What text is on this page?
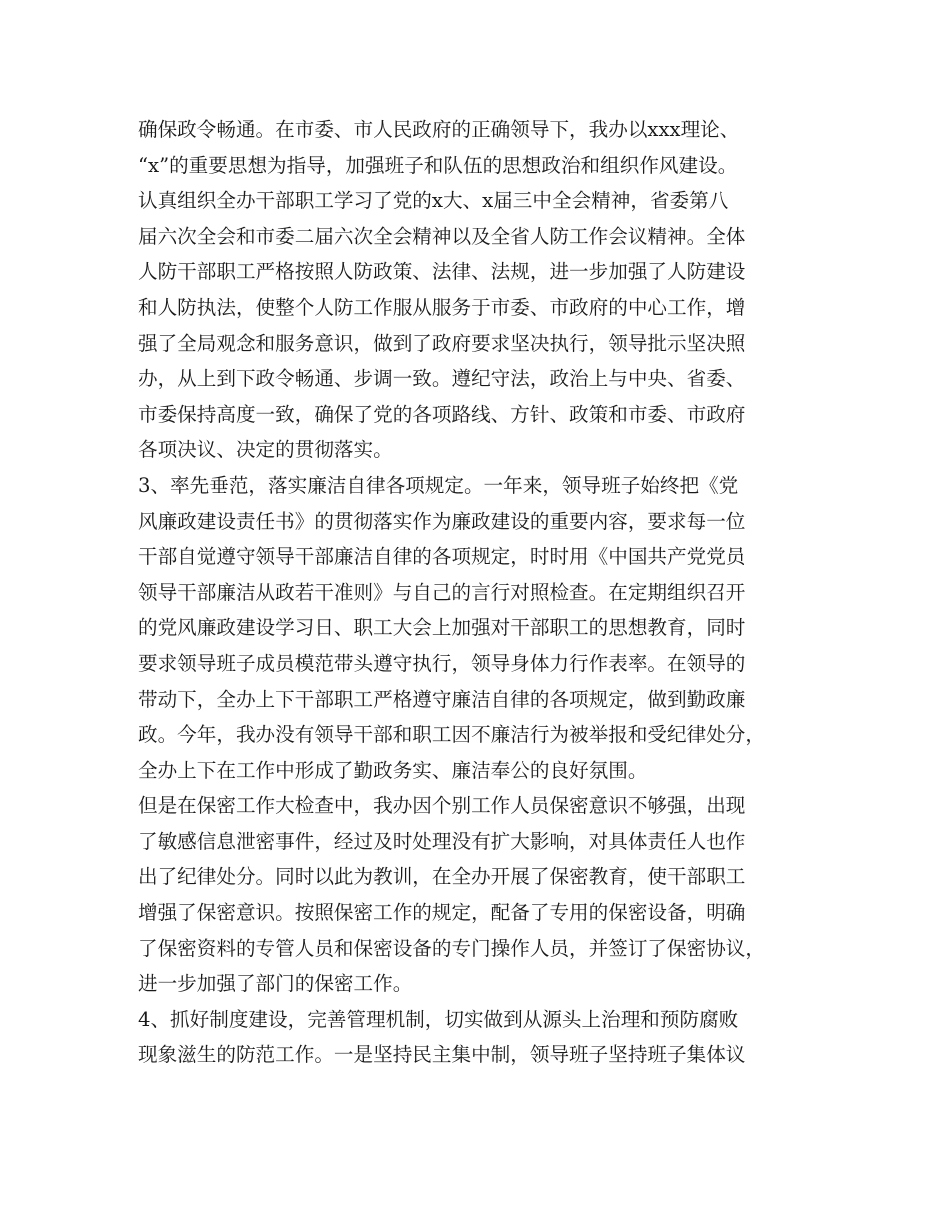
确保政令畅通。在市委、市人民政府的正确领导下，我办以xxx理论、
“x”的重要思想为指导，加强班子和队伍的思想政治和组织作风建设。
认真组织全办干部职工学习了党的x大、x届三中全会精神，省委第八
届六次全会和市委二届六次全会精神以及全省人防工作会议精神。全体
人防干部职工严格按照人防政策、法律、法规，进一步加强了人防建设
和人防执法，使整个人防工作服从服务于市委、市政府的中心工作，增
强了全局观念和服务意识，做到了政府要求坚决执行，领导批示坚决照
办，从上到下政令畅通、步调一致。遵纪守法，政治上与中央、省委、
市委保持高度一致，确保了党的各项路线、方针、政策和市委、市政府
各项决议、决定的贯彻落实。
3、率先垂范，落实廉洁自律各项规定。一年来，领导班子始终把《党
风廉政建设责任书》的贯彻落实作为廉政建设的重要内容，要求每一位
干部自觉遵守领导干部廉洁自律的各项规定，时时用《中国共产党党员
领导干部廉洁从政若干准则》与自己的言行对照检查。在定期组织召开
的党风廉政建设学习日、职工大会上加强对干部职工的思想教育，同时
要求领导班子成员模范带头遵守执行，领导身体力行作表率。在领导的
带动下，全办上下干部职工严格遵守廉洁自律的各项规定，做到勤政廉
政。今年，我办没有领导干部和职工因不廉洁行为被举报和受纪律处分，
全办上下在工作中形成了勤政务实、廉洁奉公的良好氛围。
但是在保密工作大检查中，我办因个别工作人员保密意识不够强，出现
了敏感信息泄密事件，经过及时处理没有扩大影响，对具体责任人也作
出了纪律处分。同时以此为教训，在全办开展了保密教育，使干部职工
增强了保密意识。按照保密工作的规定，配备了专用的保密设备，明确
了保密资料的专管人员和保密设备的专门操作人员，并签订了保密协议，
进一步加强了部门的保密工作。
4、抓好制度建设，完善管理机制，切实做到从源头上治理和预防腐败
现象滋生的防范工作。一是坚持民主集中制，领导班子坚持班子集体议
